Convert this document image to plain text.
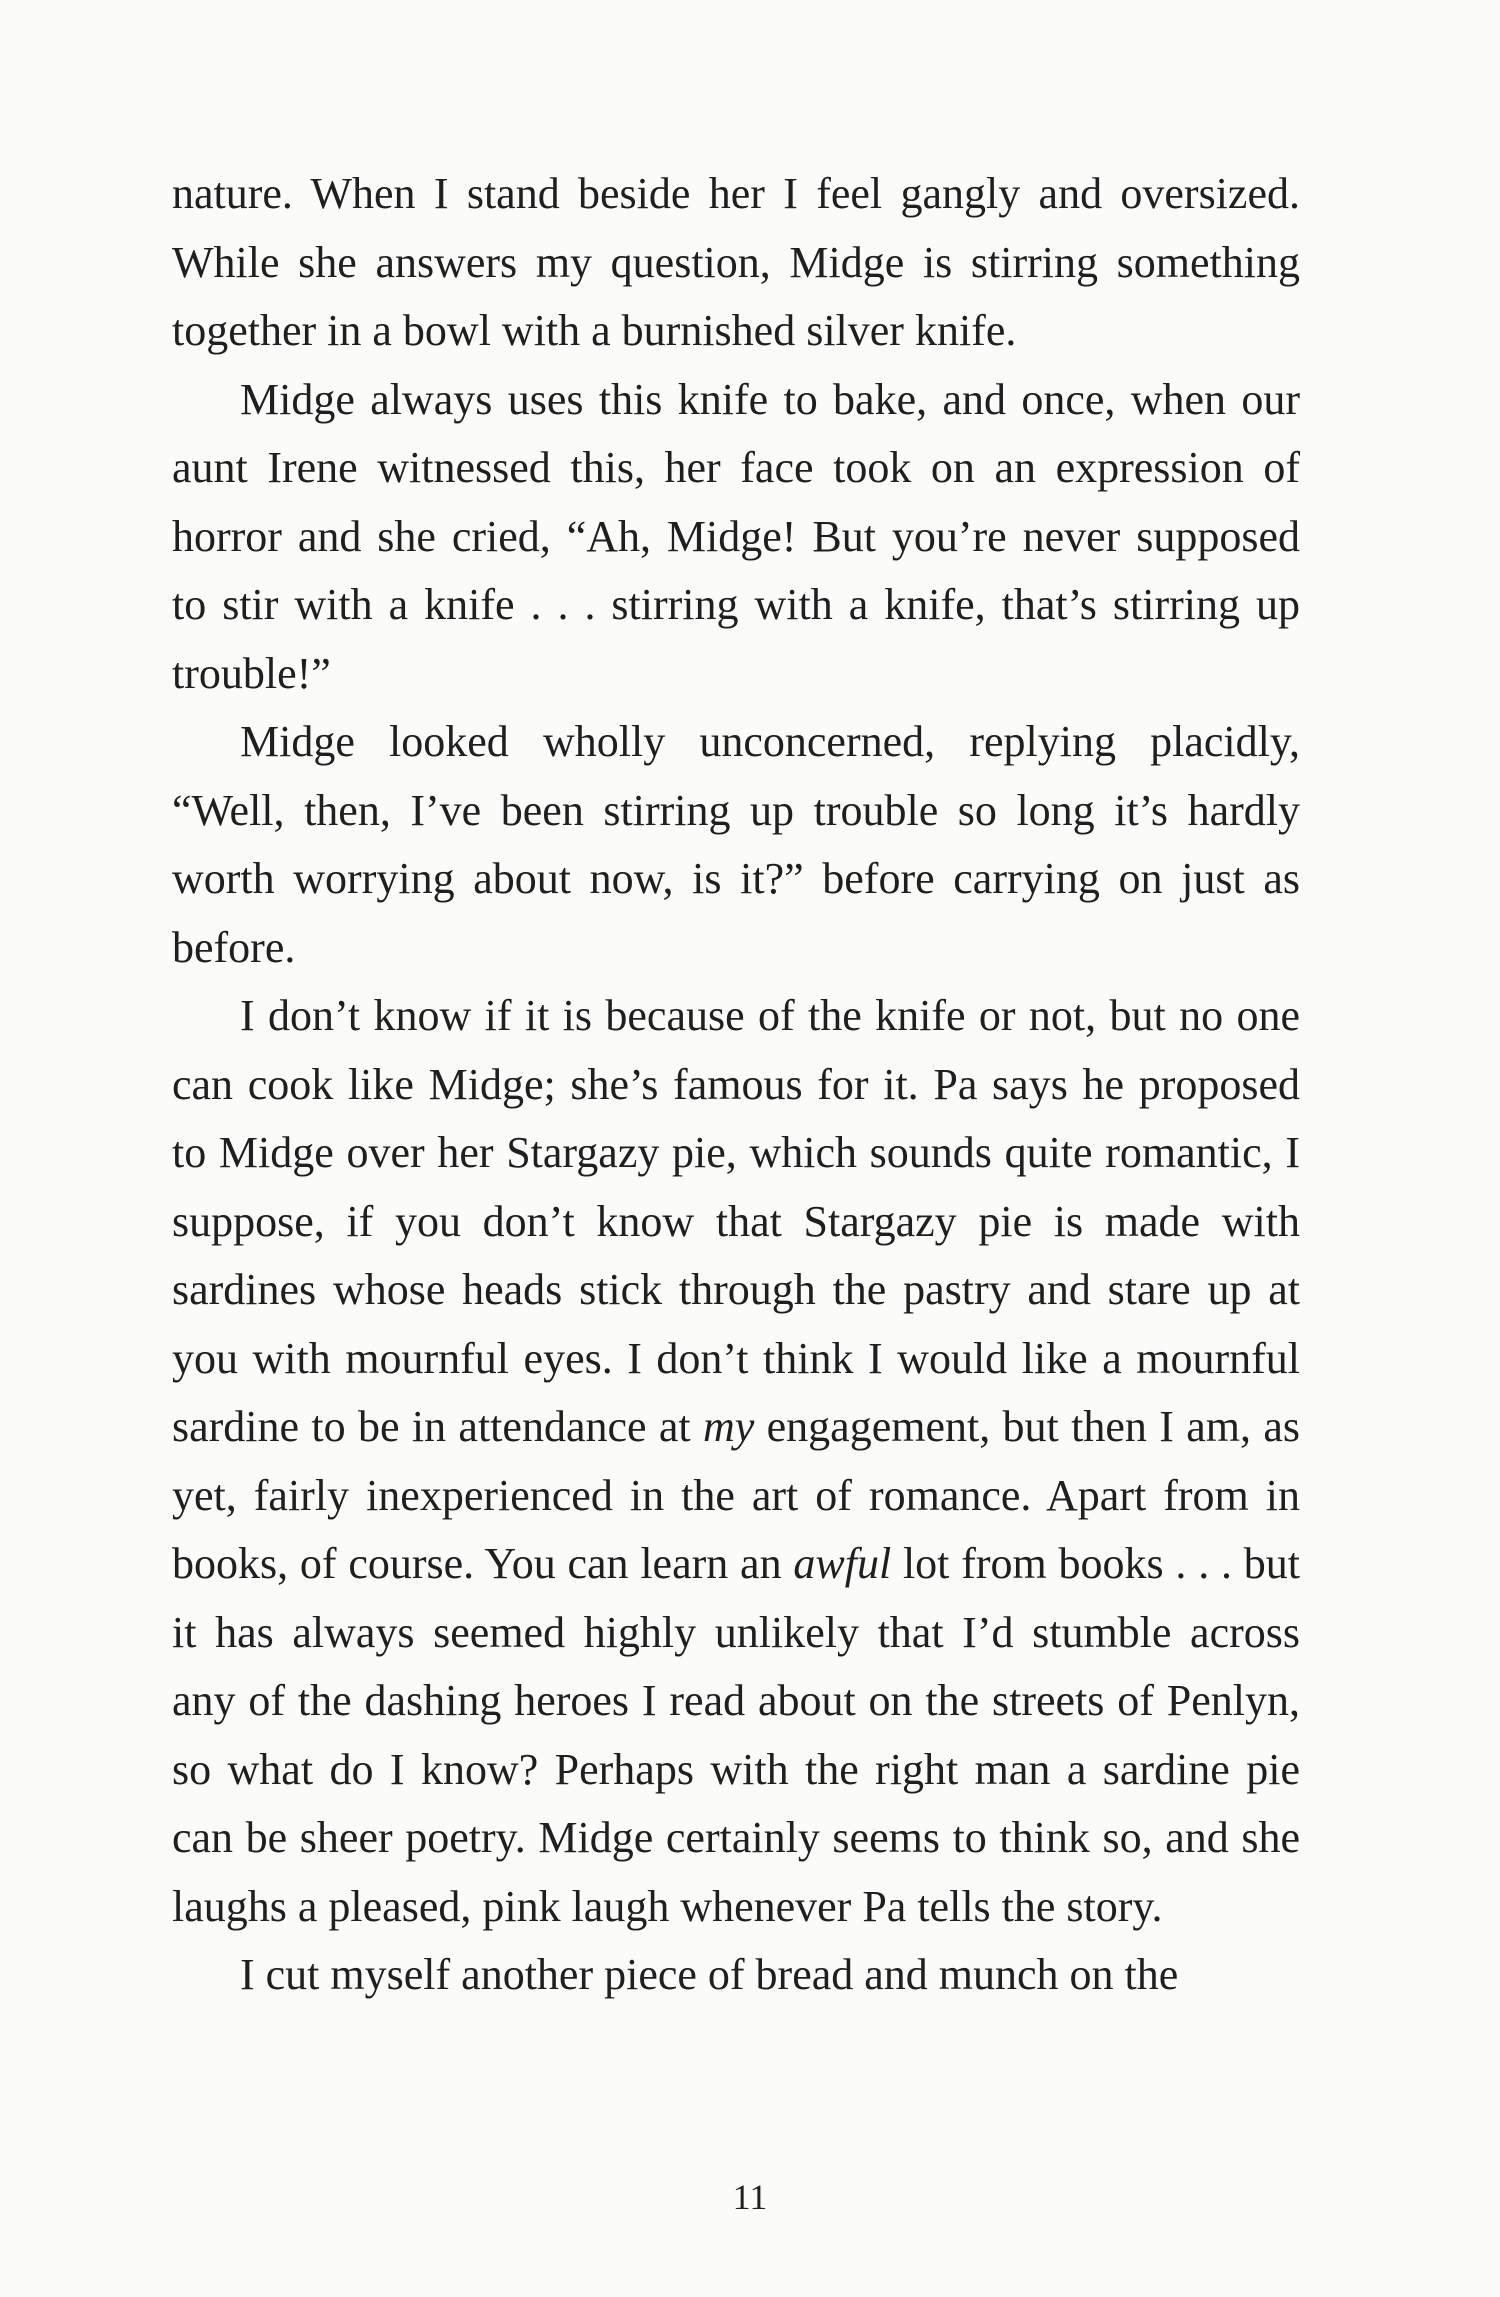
nature. When I stand beside her I feel gangly and oversized. While she answers my question, Midge is stirring something together in a bowl with a burnished silver knife.

Midge always uses this knife to bake, and once, when our aunt Irene witnessed this, her face took on an expression of horror and she cried, “Ah, Midge! But you’re never supposed to stir with a knife . . . stirring with a knife, that’s stirring up trouble!”

Midge looked wholly unconcerned, replying placidly, “Well, then, I’ve been stirring up trouble so long it’s hardly worth worrying about now, is it?” before carrying on just as before.

I don’t know if it is because of the knife or not, but no one can cook like Midge; she’s famous for it. Pa says he proposed to Midge over her Stargazy pie, which sounds quite romantic, I suppose, if you don’t know that Stargazy pie is made with sardines whose heads stick through the pastry and stare up at you with mournful eyes. I don’t think I would like a mournful sardine to be in attendance at my engagement, but then I am, as yet, fairly inexperienced in the art of romance. Apart from in books, of course. You can learn an awful lot from books . . . but it has always seemed highly unlikely that I’d stumble across any of the dashing heroes I read about on the streets of Penlyn, so what do I know? Perhaps with the right man a sardine pie can be sheer poetry. Midge certainly seems to think so, and she laughs a pleased, pink laugh whenever Pa tells the story.

I cut myself another piece of bread and munch on the

11
